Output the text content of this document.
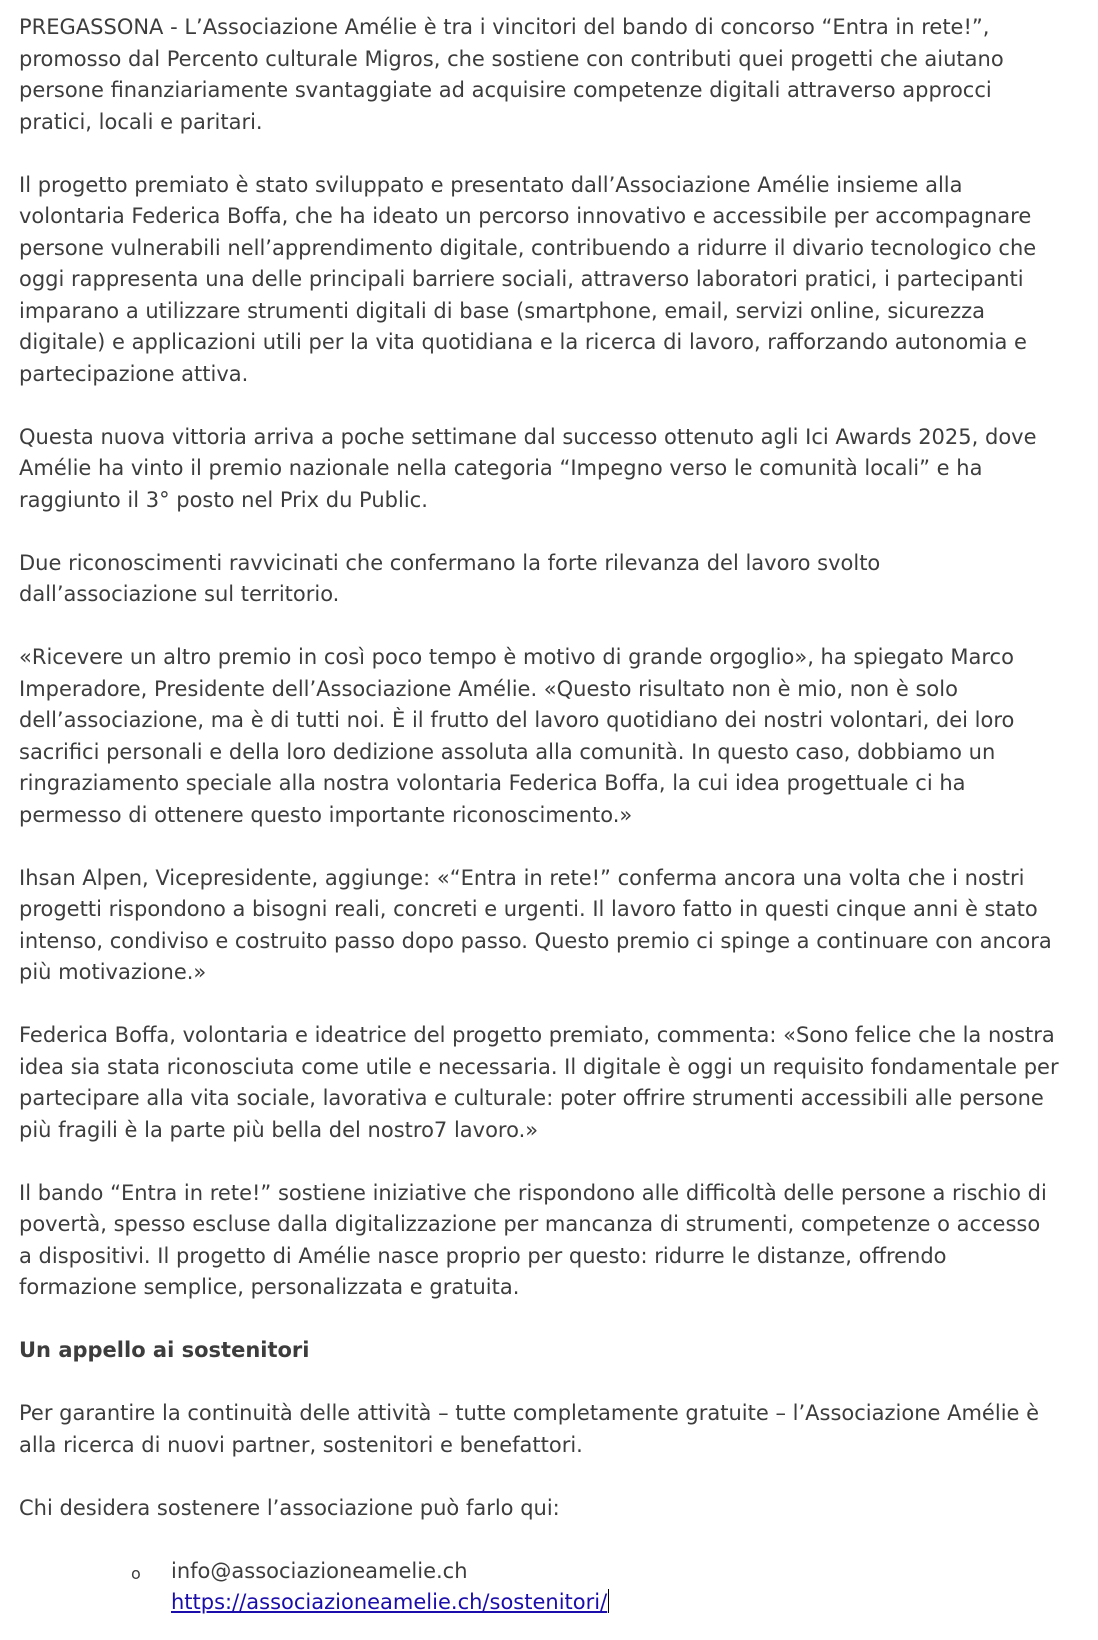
PREGASSONA - L’Associazione Amélie è tra i vincitori del bando di concorso “Entra in rete!”, promosso dal Percento culturale Migros, che sostiene con contributi quei progetti che aiutano persone finanziariamente svantaggiate ad acquisire competenze digitali attraverso approcci pratici, locali e paritari.

Il progetto premiato è stato sviluppato e presentato dall’Associazione Amélie insieme alla volontaria Federica Boffa, che ha ideato un percorso innovativo e accessibile per accompagnare persone vulnerabili nell’apprendimento digitale, contribuendo a ridurre il divario tecnologico che oggi rappresenta una delle principali barriere sociali, attraverso laboratori pratici, i partecipanti imparano a utilizzare strumenti digitali di base (smartphone, email, servizi online, sicurezza digitale) e applicazioni utili per la vita quotidiana e la ricerca di lavoro, rafforzando autonomia e partecipazione attiva.

Questa nuova vittoria arriva a poche settimane dal successo ottenuto agli Ici Awards 2025, dove Amélie ha vinto il premio nazionale nella categoria “Impegno verso le comunità locali” e ha raggiunto il 3° posto nel Prix du Public.

Due riconoscimenti ravvicinati che confermano la forte rilevanza del lavoro svolto dall’associazione sul territorio.

«Ricevere un altro premio in così poco tempo è motivo di grande orgoglio», ha spiegato Marco Imperadore, Presidente dell’Associazione Amélie. «Questo risultato non è mio, non è solo dell’associazione, ma è di tutti noi. È il frutto del lavoro quotidiano dei nostri volontari, dei loro sacrifici personali e della loro dedizione assoluta alla comunità. In questo caso, dobbiamo un ringraziamento speciale alla nostra volontaria Federica Boffa, la cui idea progettuale ci ha permesso di ottenere questo importante riconoscimento.»

Ihsan Alpen, Vicepresidente, aggiunge: «“Entra in rete!” conferma ancora una volta che i nostri progetti rispondono a bisogni reali, concreti e urgenti. Il lavoro fatto in questi cinque anni è stato intenso, condiviso e costruito passo dopo passo. Questo premio ci spinge a continuare con ancora più motivazione.»

Federica Boffa, volontaria e ideatrice del progetto premiato, commenta: «Sono felice che la nostra idea sia stata riconosciuta come utile e necessaria. Il digitale è oggi un requisito fondamentale per partecipare alla vita sociale, lavorativa e culturale: poter offrire strumenti accessibili alle persone più fragili è la parte più bella del nostro7 lavoro.»

Il bando “Entra in rete!” sostiene iniziative che rispondono alle difficoltà delle persone a rischio di povertà, spesso escluse dalla digitalizzazione per mancanza di strumenti, competenze o accesso a dispositivi. Il progetto di Amélie nasce proprio per questo: ridurre le distanze, offrendo formazione semplice, personalizzata e gratuita.

Un appello ai sostenitori

Per garantire la continuità delle attività – tutte completamente gratuite – l’Associazione Amélie è alla ricerca di nuovi partner, sostenitori e benefattori.

Chi desidera sostenere l’associazione può farlo qui:

o info@associazioneamelie.ch
https://associazioneamelie.ch/sostenitori/
